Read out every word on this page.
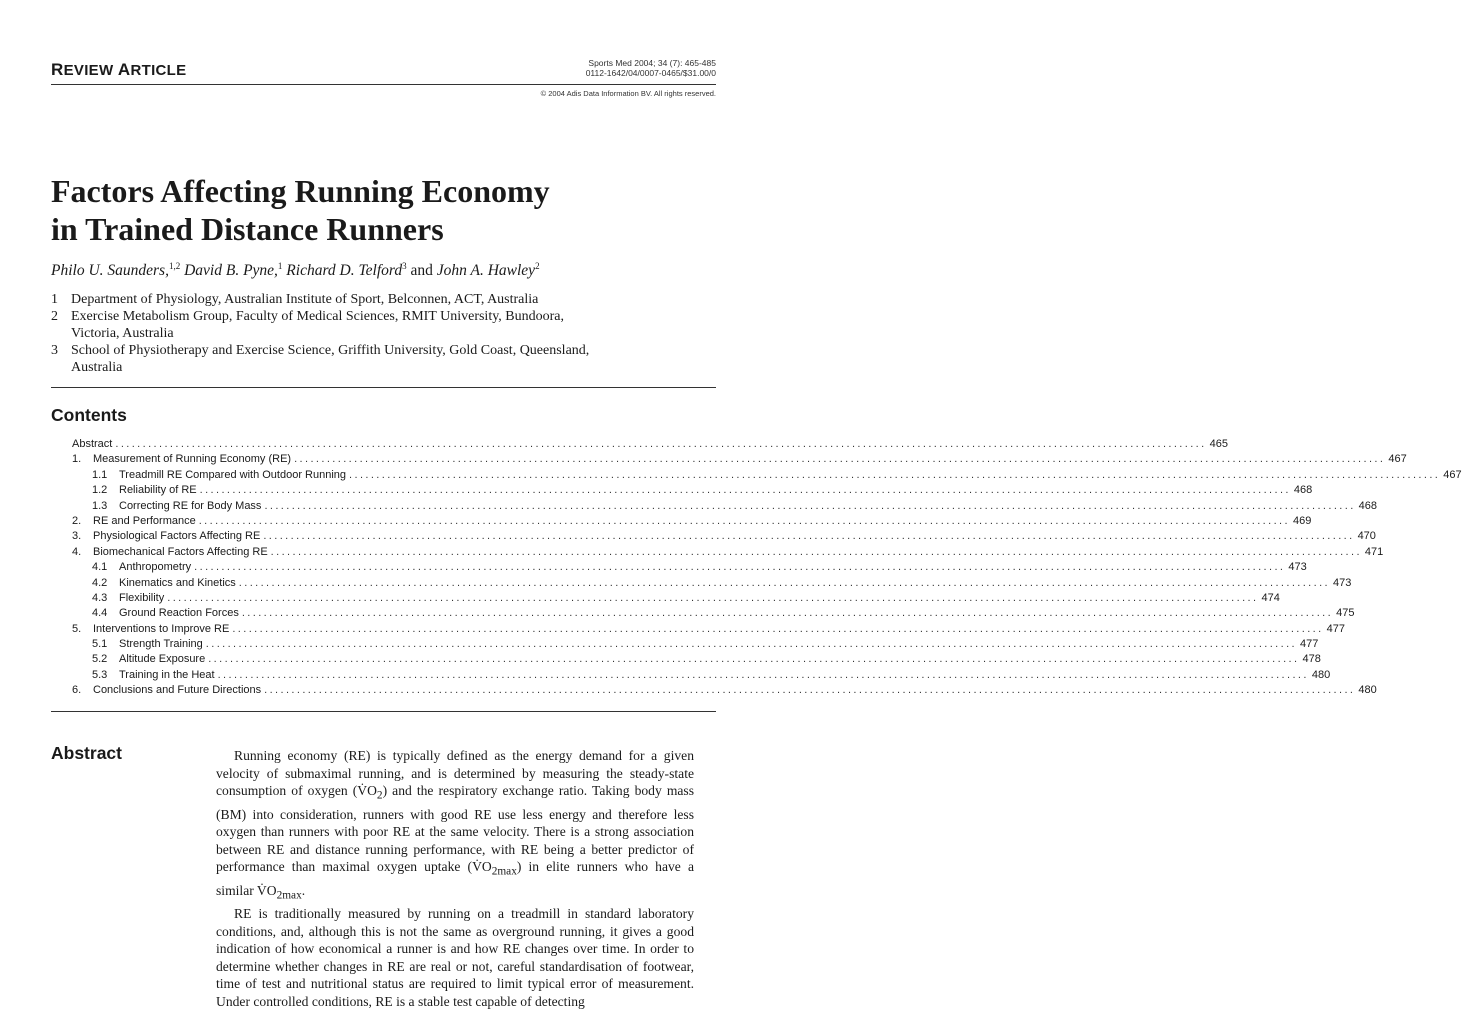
REVIEW ARTICLE	Sports Med 2004; 34 (7): 465-485
0112-1642/04/0007-0465/$31.00/0
© 2004 Adis Data Information BV. All rights reserved.
Factors Affecting Running Economy
in Trained Distance Runners
Philo U. Saunders,$^{1,2}$ David B. Pyne,$^1$ Richard D. Telford$^3$ and John A. Hawley$^2$
1 Department of Physiology, Australian Institute of Sport, Belconnen, ACT, Australia
2 Exercise Metabolism Group, Faculty of Medical Sciences, RMIT University, Bundoora, Victoria, Australia
3 School of Physiotherapy and Exercise Science, Griffith University, Gold Coast, Queensland, Australia
Contents
Abstract ........................................................................................................................................................................................................ 465
1.	Measurement of Running Economy (RE) ........................................................................................................................................................................................................ 467
1.1	Treadmill RE Compared with Outdoor Running ........................................................................................................................................................................................................ 467
1.2	Reliability of RE ........................................................................................................................................................................................................ 468
1.3	Correcting RE for Body Mass ........................................................................................................................................................................................................ 468
2.	RE and Performance ........................................................................................................................................................................................................ 469
3.	Physiological Factors Affecting RE ........................................................................................................................................................................................................ 470
4.	Biomechanical Factors Affecting RE ........................................................................................................................................................................................................ 471
4.1	Anthropometry ........................................................................................................................................................................................................ 473
4.2	Kinematics and Kinetics ........................................................................................................................................................................................................ 473
4.3	Flexibility ........................................................................................................................................................................................................ 474
4.4	Ground Reaction Forces ........................................................................................................................................................................................................ 475
5.	Interventions to Improve RE ........................................................................................................................................................................................................ 477
5.1	Strength Training ........................................................................................................................................................................................................ 477
5.2	Altitude Exposure ........................................................................................................................................................................................................ 478
5.3	Training in the Heat ........................................................................................................................................................................................................ 480
6.	Conclusions and Future Directions ........................................................................................................................................................................................................ 480
Abstract	Running economy (RE) is typically defined as the energy demand for a given velocity of submaximal running, and is determined by measuring the steady-state consumption of oxygen $(V̇O_2)$ and the respiratory exchange ratio. Taking body mass (BM) into consideration, runners with good RE use less energy and therefore less oxygen than runners with poor RE at the same velocity. There is a strong association between RE and distance running performance, with RE being a better predictor of performance than maximal oxygen uptake $(V̇O_{2max})$ in elite runners who have a similar $V̇O_{2max}$.

RE is traditionally measured by running on a treadmill in standard laboratory conditions, and, although this is not the same as overground running, it gives a good indication of how economical a runner is and how RE changes over time. In order to determine whether changes in RE are real or not, careful standardisation of footwear, time of test and nutritional status are required to limit typical error of measurement. Under controlled conditions, RE is a stable test capable of detecting
